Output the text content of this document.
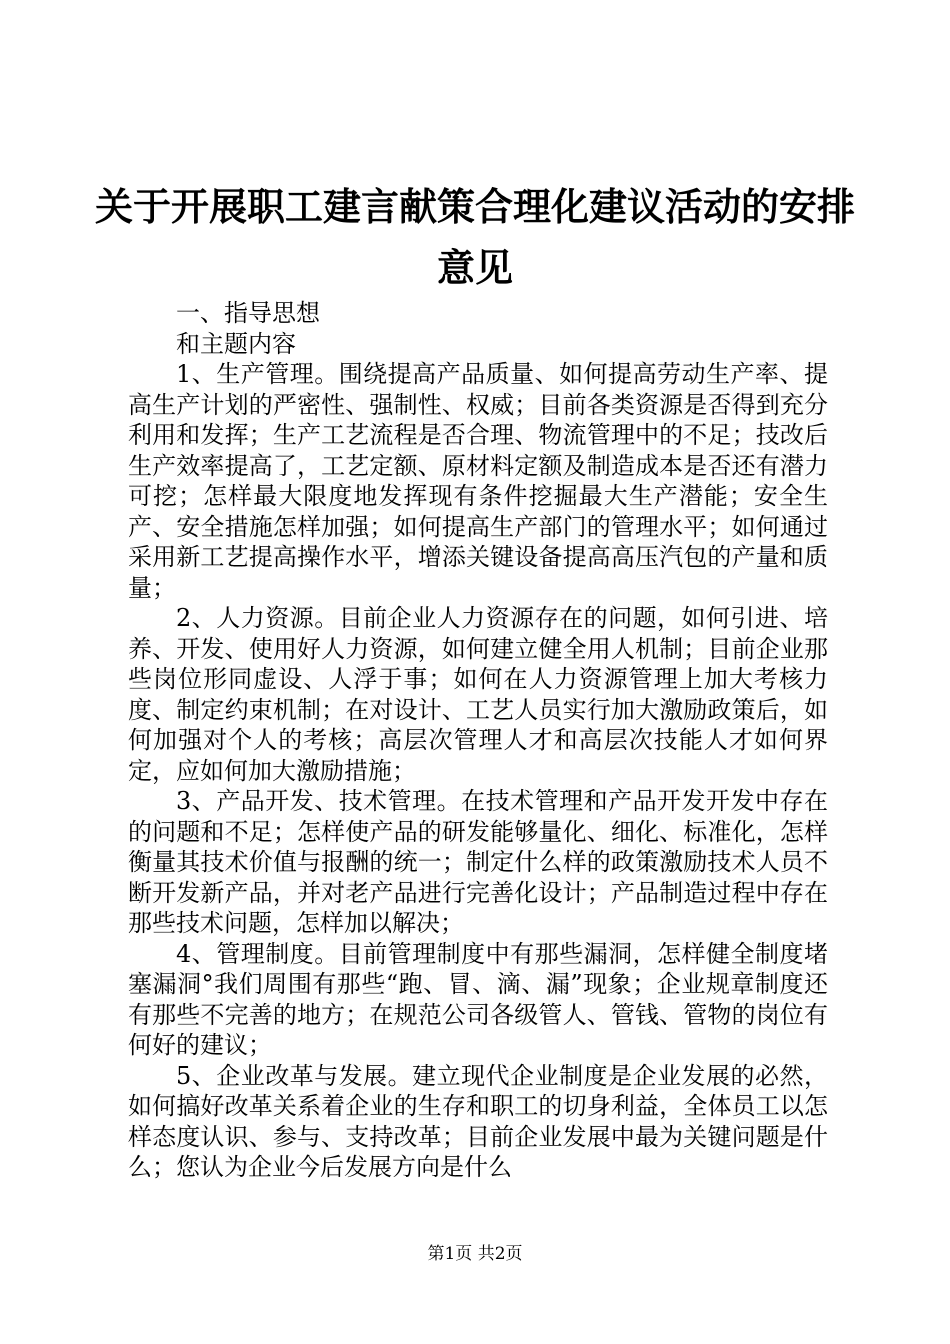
关于开展职工建言献策合理化建议活动的安排
意见

一、指导思想

和主题内容

1、生产管理。围绕提高产品质量、如何提高劳动生产率、提高生产计划的严密性、强制性、权威；目前各类资源是否得到充分利用和发挥；生产工艺流程是否合理、物流管理中的不足；技改后生产效率提高了，工艺定额、原材料定额及制造成本是否还有潜力可挖；怎样最大限度地发挥现有条件挖掘最大生产潜能；安全生产、安全措施怎样加强；如何提高生产部门的管理水平；如何通过采用新工艺提高操作水平，增添关键设备提高高压汽包的产量和质量；

2、人力资源。目前企业人力资源存在的问题，如何引进、培养、开发、使用好人力资源，如何建立健全用人机制；目前企业那些岗位形同虚设、人浮于事；如何在人力资源管理上加大考核力度、制定约束机制；在对设计、工艺人员实行加大激励政策后，如何加强对个人的考核；高层次管理人才和高层次技能人才如何界定，应如何加大激励措施；

3、产品开发、技术管理。在技术管理和产品开发开发中存在的问题和不足；怎样使产品的研发能够量化、细化、标准化，怎样衡量其技术价值与报酬的统一；制定什么样的政策激励技术人员不断开发新产品，并对老产品进行完善化设计；产品制造过程中存在那些技术问题，怎样加以解决；

4、管理制度。目前管理制度中有那些漏洞，怎样健全制度堵塞漏洞°我们周围有那些“跑、冒、滴、漏”现象；企业规章制度还有那些不完善的地方；在规范公司各级管人、管钱、管物的岗位有何好的建议；

5、企业改革与发展。建立现代企业制度是企业发展的必然，如何搞好改革关系着企业的生存和职工的切身利益，全体员工以怎样态度认识、参与、支持改革；目前企业发展中最为关键问题是什么；您认为企业今后发展方向是什么

第1页 共2页
